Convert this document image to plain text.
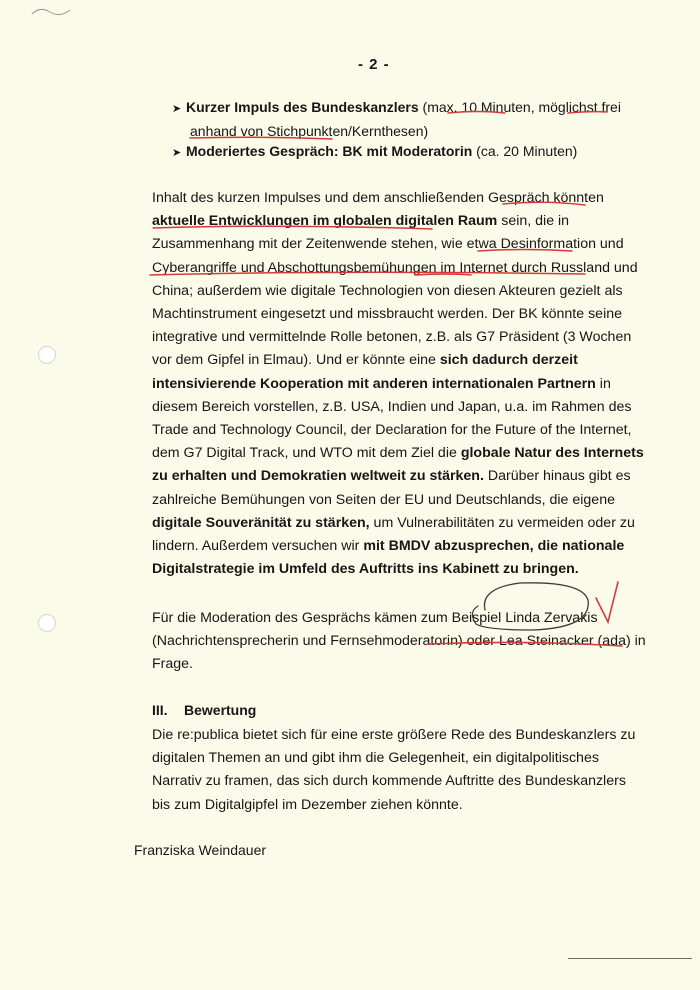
- 2 -
➤ Kurzer Impuls des Bundeskanzlers (max. 10 Minuten, möglichst frei
anhand von Stichpunkten/Kernthesen)
➤ Moderiertes Gespräch: BK mit Moderatorin (ca. 20 Minuten)
Inhalt des kurzen Impulses und dem anschließenden Gespräch könnten
aktuelle Entwicklungen im globalen digitalen Raum sein, die in
Zusammenhang mit der Zeitenwende stehen, wie etwa Desinformation und
Cyberangriffe und Abschottungsbemühungen im Internet durch Russland und
China; außerdem wie digitale Technologien von diesen Akteuren gezielt als
Machtinstrument eingesetzt und missbraucht werden. Der BK könnte seine
integrative und vermittelnde Rolle betonen, z.B. als G7 Präsident (3 Wochen
vor dem Gipfel in Elmau). Und er könnte eine sich dadurch derzeit
intensivierende Kooperation mit anderen internationalen Partnern in
diesem Bereich vorstellen, z.B. USA, Indien und Japan, u.a. im Rahmen des
Trade and Technology Council, der Declaration for the Future of the Internet,
dem G7 Digital Track, und WTO mit dem Ziel die globale Natur des Internets
zu erhalten und Demokratien weltweit zu stärken. Darüber hinaus gibt es
zahlreiche Bemühungen von Seiten der EU und Deutschlands, die eigene
digitale Souveränität zu stärken, um Vulnerabilitäten zu vermeiden oder zu
lindern. Außerdem versuchen wir mit BMDV abzusprechen, die nationale
Digitalstrategie im Umfeld des Auftritts ins Kabinett zu bringen.
Für die Moderation des Gesprächs kämen zum Beispiel Linda Zervakis
(Nachrichtensprecherin und Fernsehmoderatorin) oder Lea Steinacker (ada) in
Frage.
III. Bewertung
Die re:publica bietet sich für eine erste größere Rede des Bundeskanzlers zu
digitalen Themen an und gibt ihm die Gelegenheit, ein digitalpolitisches
Narrativ zu framen, das sich durch kommende Auftritte des Bundeskanzlers
bis zum Digitalgipfel im Dezember ziehen könnte.
Franziska Weindauer
